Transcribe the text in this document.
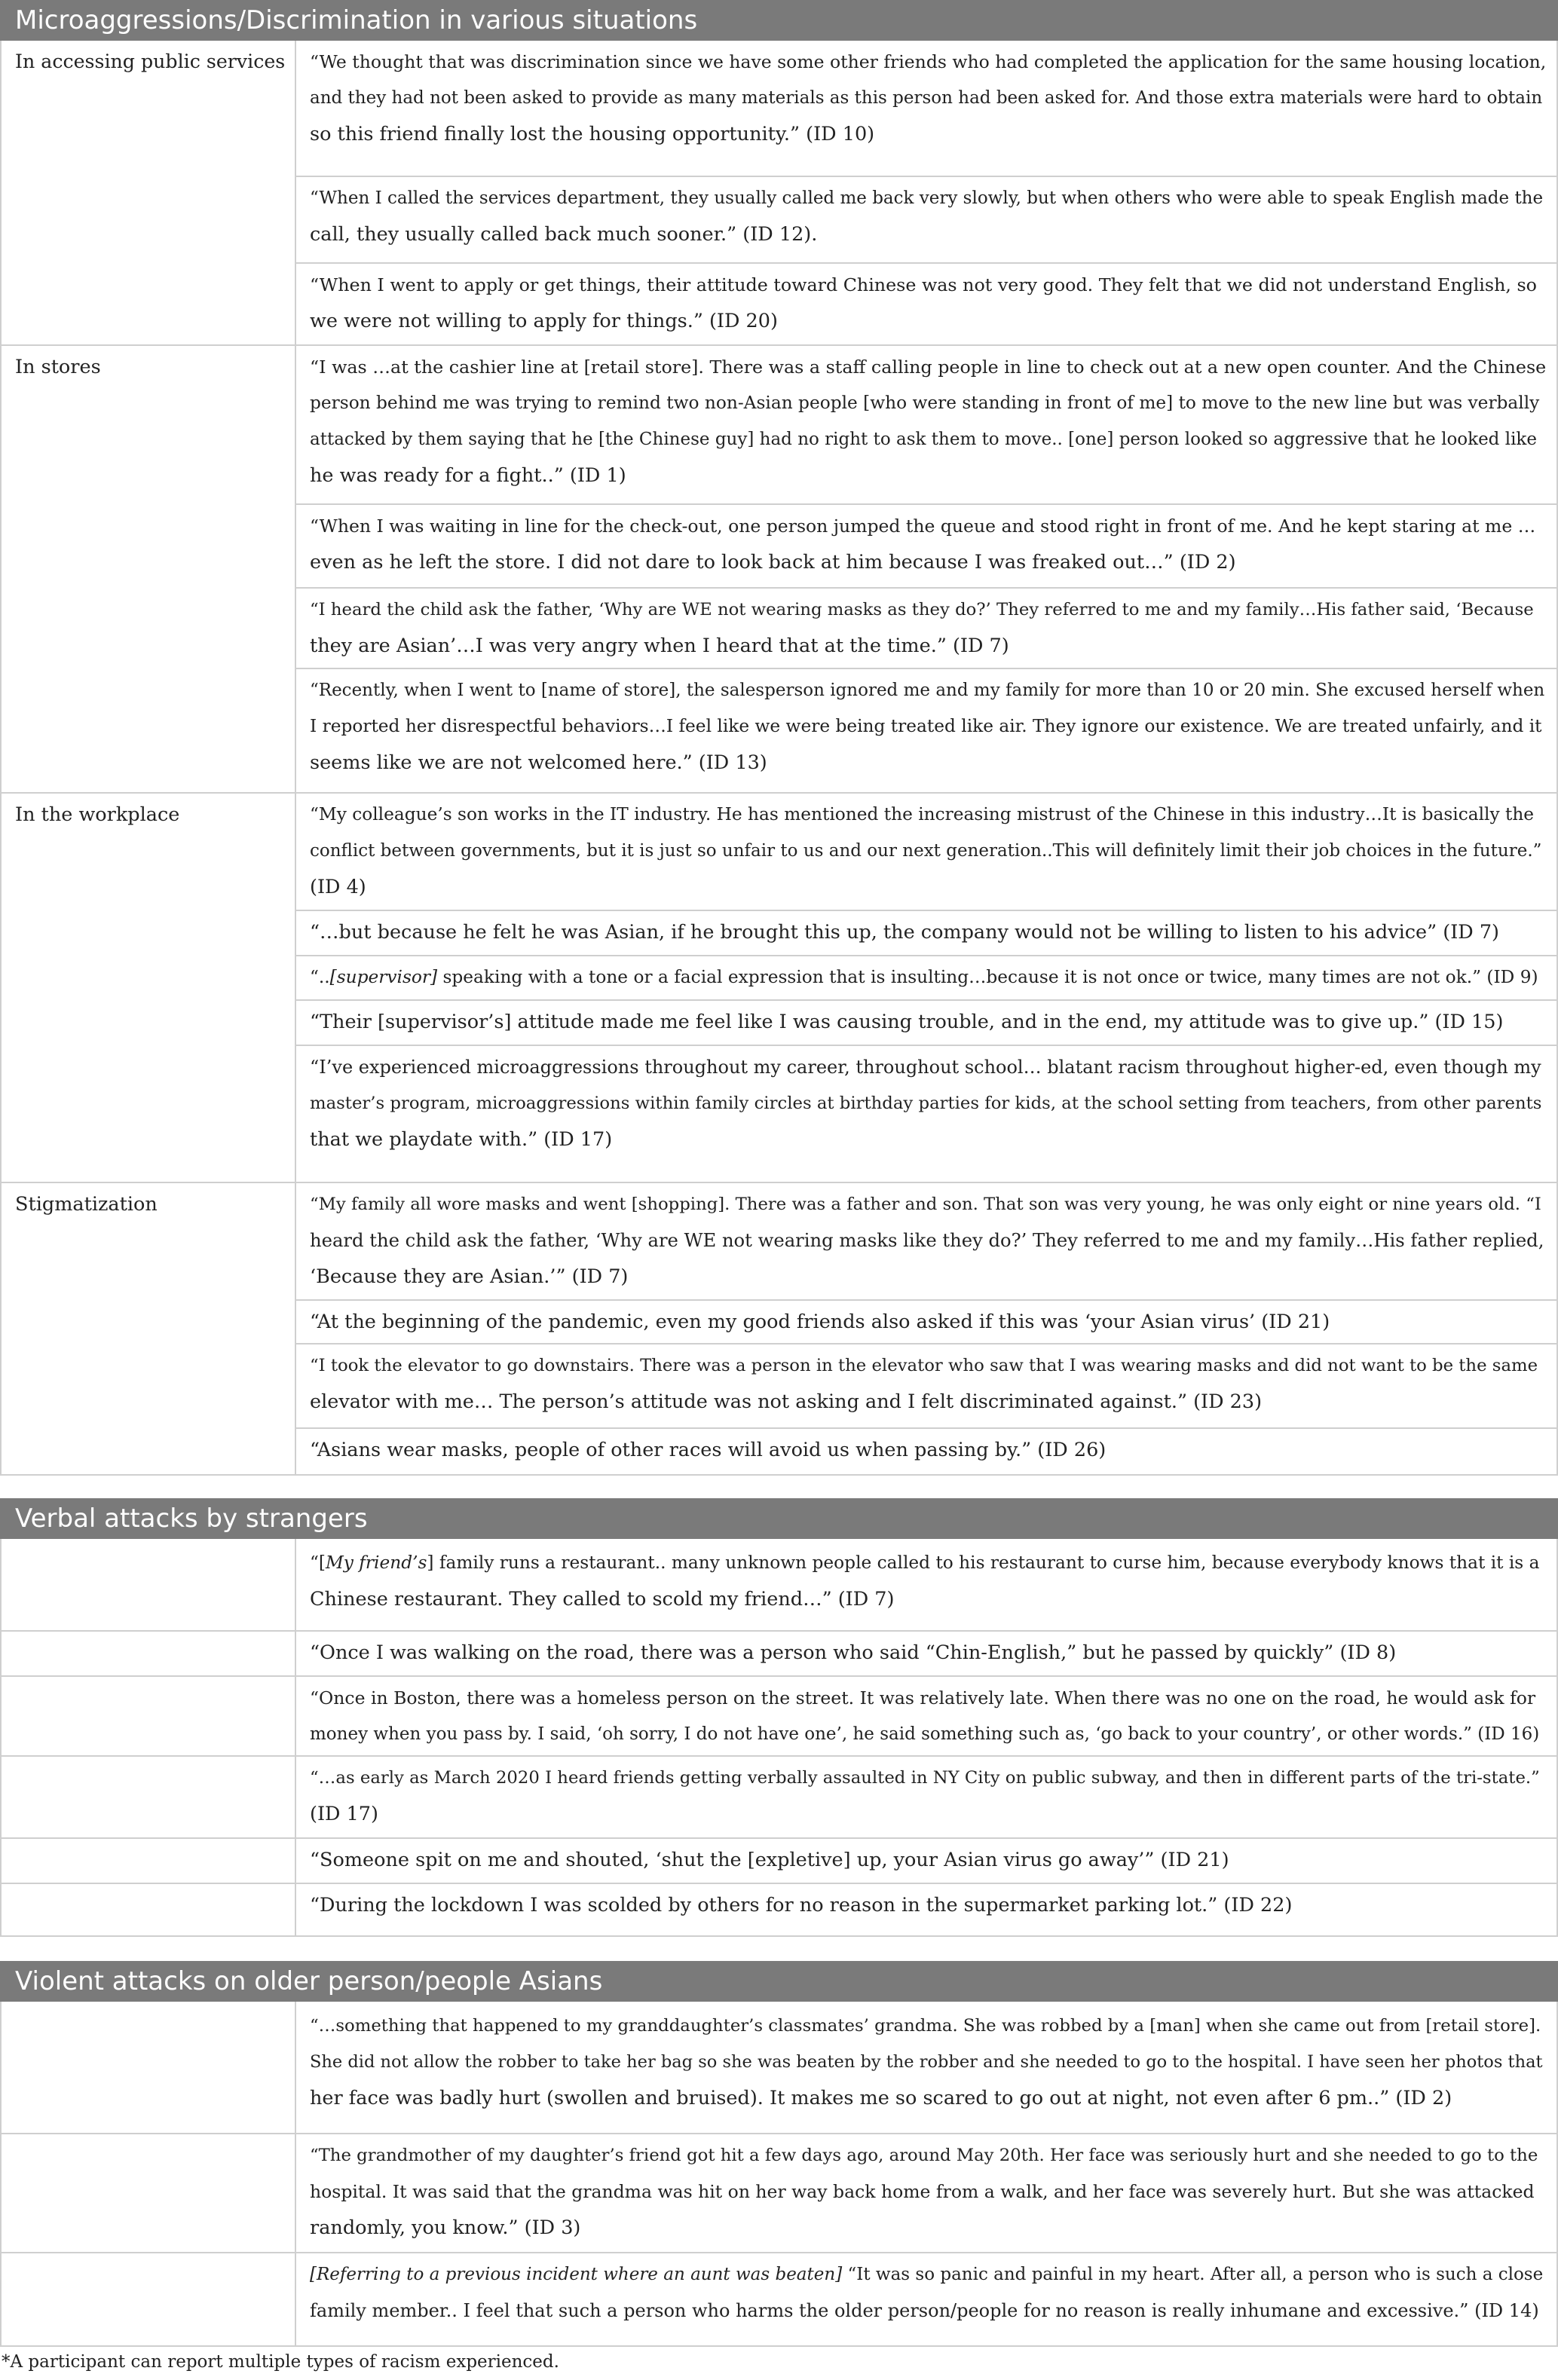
Microaggressions/Discrimination in various situations
In accessing public services
In stores
In the workplace
Stigmatization
“We thought that was discrimination since we have some other friends who had completed the application for the same housing location,
and they had not been asked to provide as many materials as this person had been asked for. And those extra materials were hard to obtain
so this friend finally lost the housing opportunity.” (ID 10)
“When I called the services department, they usually called me back very slowly, but when others who were able to speak English made the
call, they usually called back much sooner.” (ID 12).
“When I went to apply or get things, their attitude toward Chinese was not very good. They felt that we did not understand English, so
we were not willing to apply for things.” (ID 20)
“I was …at the cashier line at [retail store]. There was a staff calling people in line to check out at a new open counter. And the Chinese
person behind me was trying to remind two non-Asian people [who were standing in front of me] to move to the new line but was verbally
attacked by them saying that he [the Chinese guy] had no right to ask them to move.. [one] person looked so aggressive that he looked like
he was ready for a fight..” (ID 1)
“When I was waiting in line for the check-out, one person jumped the queue and stood right in front of me. And he kept staring at me …
even as he left the store. I did not dare to look back at him because I was freaked out…” (ID 2)
“I heard the child ask the father, ‘Why are WE not wearing masks as they do?’ They referred to me and my family…His father said, ‘Because
they are Asian’…I was very angry when I heard that at the time.” (ID 7)
“Recently, when I went to [name of store], the salesperson ignored me and my family for more than 10 or 20 min. She excused herself when
I reported her disrespectful behaviors…I feel like we were being treated like air. They ignore our existence. We are treated unfairly, and it
seems like we are not welcomed here.” (ID 13)
“My colleague’s son works in the IT industry. He has mentioned the increasing mistrust of the Chinese in this industry…It is basically the
conflict between governments, but it is just so unfair to us and our next generation..This will definitely limit their job choices in the future.”
(ID 4)
“…but because he felt he was Asian, if he brought this up, the company would not be willing to listen to his advice” (ID 7)
“..[supervisor] speaking with a tone or a facial expression that is insulting…because it is not once or twice, many times are not ok.” (ID 9)
“Their [supervisor’s] attitude made me feel like I was causing trouble, and in the end, my attitude was to give up.” (ID 15)
“I’ve experienced microaggressions throughout my career, throughout school… blatant racism throughout higher-ed, even though my
master’s program, microaggressions within family circles at birthday parties for kids, at the school setting from teachers, from other parents
that we playdate with.” (ID 17)
“My family all wore masks and went [shopping]. There was a father and son. That son was very young, he was only eight or nine years old. “I
heard the child ask the father, ‘Why are WE not wearing masks like they do?’ They referred to me and my family…His father replied,
‘Because they are Asian.’” (ID 7)
“At the beginning of the pandemic, even my good friends also asked if this was ‘your Asian virus’ (ID 21)
“I took the elevator to go downstairs. There was a person in the elevator who saw that I was wearing masks and did not want to be the same
elevator with me… The person’s attitude was not asking and I felt discriminated against.” (ID 23)
“Asians wear masks, people of other races will avoid us when passing by.” (ID 26)
Verbal attacks by strangers
“[My friend’s] family runs a restaurant.. many unknown people called to his restaurant to curse him, because everybody knows that it is a
Chinese restaurant. They called to scold my friend…” (ID 7)
“Once I was walking on the road, there was a person who said “Chin-English,” but he passed by quickly” (ID 8)
“Once in Boston, there was a homeless person on the street. It was relatively late. When there was no one on the road, he would ask for
money when you pass by. I said, ‘oh sorry, I do not have one’, he said something such as, ‘go back to your country’, or other words.” (ID 16)
“…as early as March 2020 I heard friends getting verbally assaulted in NY City on public subway, and then in different parts of the tri-state.”
(ID 17)
“Someone spit on me and shouted, ‘shut the [expletive] up, your Asian virus go away’” (ID 21)
“During the lockdown I was scolded by others for no reason in the supermarket parking lot.” (ID 22)
Violent attacks on older person/people Asians
“…something that happened to my granddaughter’s classmates’ grandma. She was robbed by a [man] when she came out from [retail store].
She did not allow the robber to take her bag so she was beaten by the robber and she needed to go to the hospital. I have seen her photos that
her face was badly hurt (swollen and bruised). It makes me so scared to go out at night, not even after 6 pm..” (ID 2)
“The grandmother of my daughter’s friend got hit a few days ago, around May 20th. Her face was seriously hurt and she needed to go to the
hospital. It was said that the grandma was hit on her way back home from a walk, and her face was severely hurt. But she was attacked
randomly, you know.” (ID 3)
[Referring to a previous incident where an aunt was beaten] “It was so panic and painful in my heart. After all, a person who is such a close
family member.. I feel that such a person who harms the older person/people for no reason is really inhumane and excessive.” (ID 14)
*A participant can report multiple types of racism experienced.
